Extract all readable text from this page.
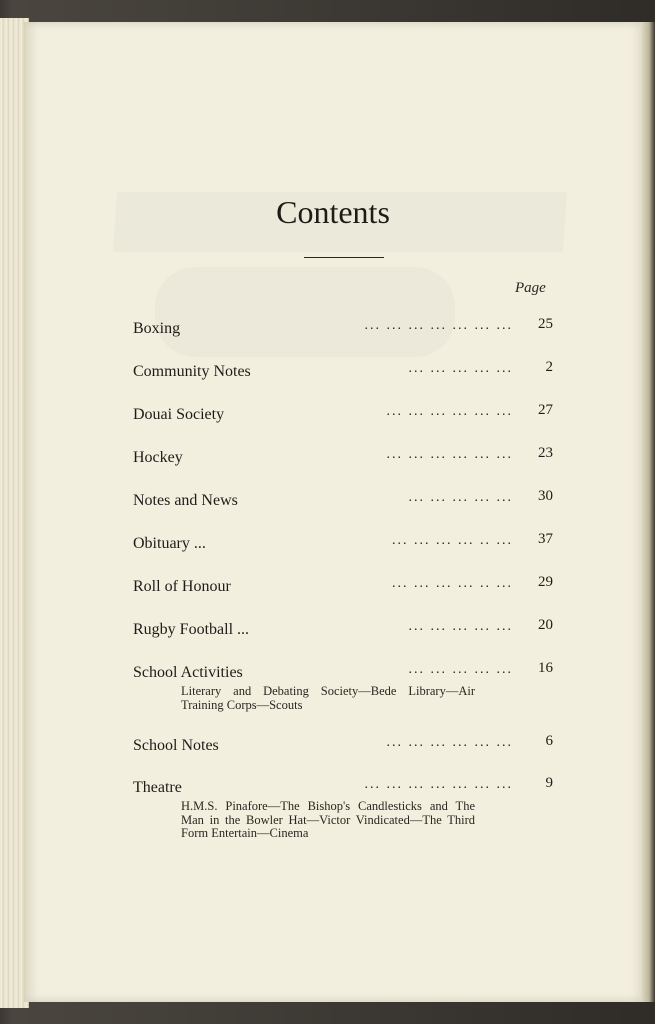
Contents
Page
Boxing	... ... ... ... ... ... ... 25
Community Notes	... ... ... ... ... 2
Douai Society	... ... ... ... ... ... 27
Hockey	... ... ... ... ... ... 23
Notes and News	... ... ... ... ... 30
Obituary ...	... ... ... ... .. ... 37
Roll of Honour	... ... ... ... .. ... 29
Rugby Football ...	... ... ... ... ... 20
School Activities	... ... ... ... ... 16
Literary and Debating Society—Bede Library—Air Training Corps—Scouts
School Notes	... ... ... ... ... ... 6
Theatre	... ... ... ... ... ... ... 9
H.M.S. Pinafore—The Bishop's Candlesticks and The Man in the Bowler Hat—Victor Vindicated—The Third Form Entertain—Cinema
